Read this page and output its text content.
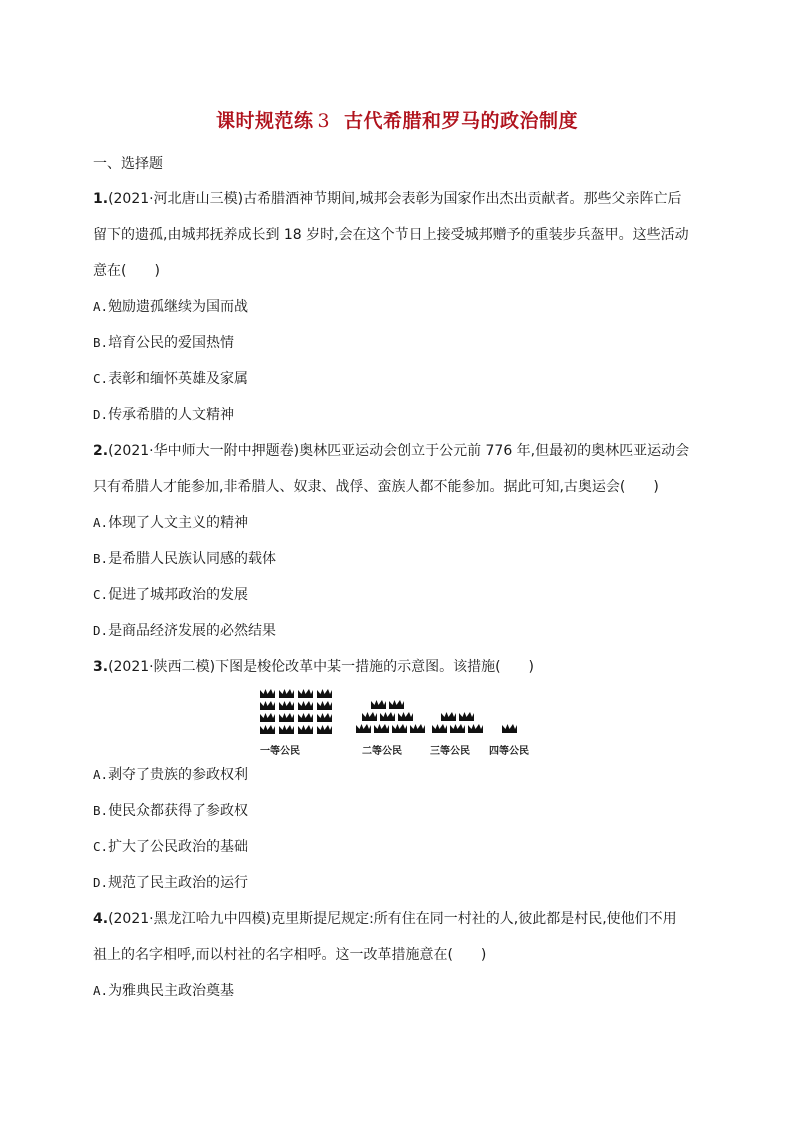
课时规范练 3 古代希腊和罗马的政治制度
一、选择题
1.(2021·河北唐山三模)古希腊酒神节期间,城邦会表彰为国家作出杰出贡献者。那些父亲阵亡后
留下的遗孤,由城邦抚养成长到 18 岁时,会在这个节日上接受城邦赠予的重装步兵盔甲。这些活动
意在(　　)
A.勉励遗孤继续为国而战
B.培育公民的爱国热情
C.表彰和缅怀英雄及家属
D.传承希腊的人文精神
2.(2021·华中师大一附中押题卷)奥林匹亚运动会创立于公元前 776 年,但最初的奥林匹亚运动会
只有希腊人才能参加,非希腊人、奴隶、战俘、蛮族人都不能参加。据此可知,古奥运会(　　)
A.体现了人文主义的精神
B.是希腊人民族认同感的载体
C.促进了城邦政治的发展
D.是商品经济发展的必然结果
3.(2021·陕西二模)下图是梭伦改革中某一措施的示意图。该措施(　　)
一等公民	二等公民	三等公民 四等公民
A.剥夺了贵族的参政权利
B.使民众都获得了参政权
C.扩大了公民政治的基础
D.规范了民主政治的运行
4.(2021·黑龙江哈九中四模)克里斯提尼规定:所有住在同一村社的人,彼此都是村民,使他们不用
祖上的名字相呼,而以村社的名字相呼。这一改革措施意在(　　)
A.为雅典民主政治奠基
